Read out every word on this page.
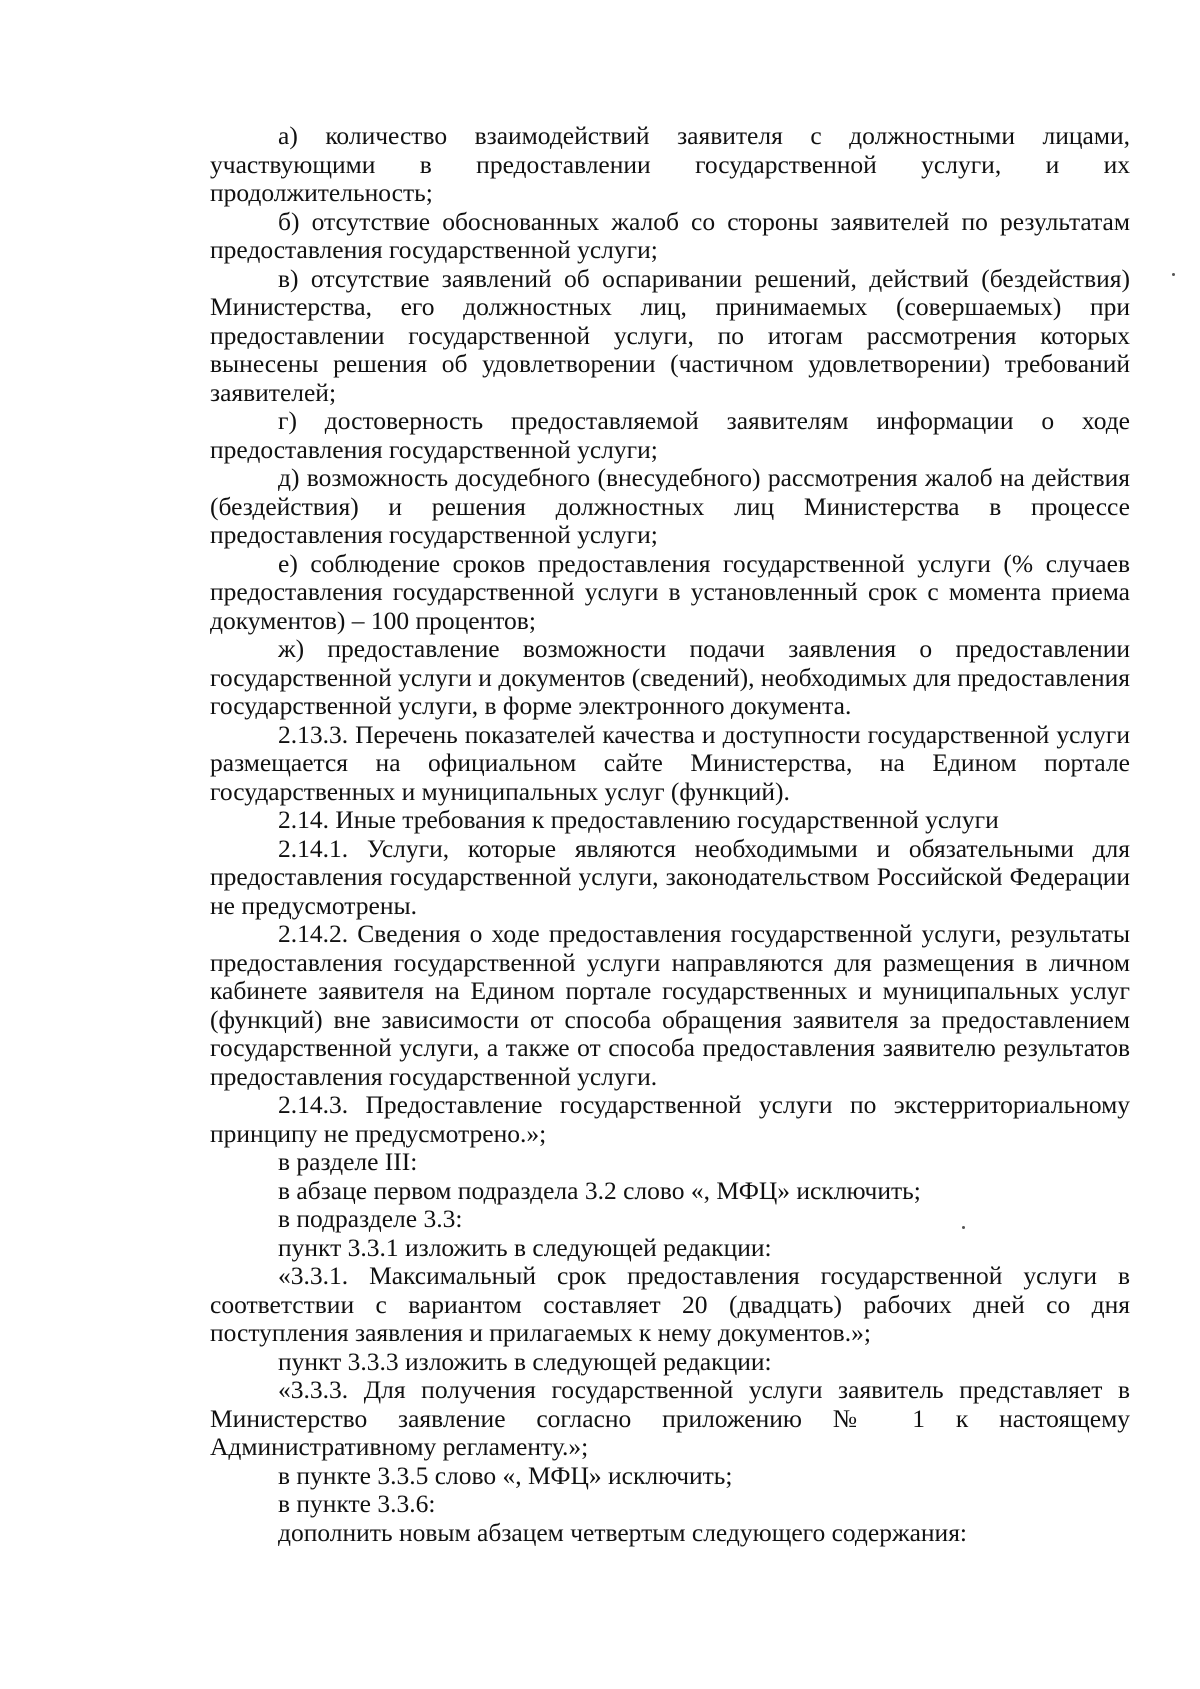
а) количество взаимодействий заявителя с должностными лицами, участвующими в предоставлении государственной услуги, и их продолжительность;

б) отсутствие обоснованных жалоб со стороны заявителей по результатам предоставления государственной услуги;

в) отсутствие заявлений об оспаривании решений, действий (бездействия) Министерства, его должностных лиц, принимаемых (совершаемых) при предоставлении государственной услуги, по итогам рассмотрения которых вынесены решения об удовлетворении (частичном удовлетворении) требований заявителей;

г) достоверность предоставляемой заявителям информации о ходе предоставления государственной услуги;

д) возможность досудебного (внесудебного) рассмотрения жалоб на действия (бездействия) и решения должностных лиц Министерства в процессе предоставления государственной услуги;

е) соблюдение сроков предоставления государственной услуги (% случаев предоставления государственной услуги в установленный срок с момента приема документов) – 100 процентов;

ж) предоставление возможности подачи заявления о предоставлении государственной услуги и документов (сведений), необходимых для предоставления государственной услуги, в форме электронного документа.

2.13.3. Перечень показателей качества и доступности государственной услуги размещается на официальном сайте Министерства, на Едином портале государственных и муниципальных услуг (функций).

2.14. Иные требования к предоставлению государственной услуги

2.14.1. Услуги, которые являются необходимыми и обязательными для предоставления государственной услуги, законодательством Российской Федерации не предусмотрены.

2.14.2. Сведения о ходе предоставления государственной услуги, результаты предоставления государственной услуги направляются для размещения в личном кабинете заявителя на Едином портале государственных и муниципальных услуг (функций) вне зависимости от способа обращения заявителя за предоставлением государственной услуги, а также от способа предоставления заявителю результатов предоставления государственной услуги.

2.14.3. Предоставление государственной услуги по экстерриториальному принципу не предусмотрено.»;

в разделе III:

в абзаце первом подраздела 3.2 слово «, МФЦ» исключить;

в подразделе 3.3:

пункт 3.3.1 изложить в следующей редакции:

«3.3.1. Максимальный срок предоставления государственной услуги в соответствии с вариантом составляет 20 (двадцать) рабочих дней со дня поступления заявления и прилагаемых к нему документов.»;

пункт 3.3.3 изложить в следующей редакции:

«3.3.3. Для получения государственной услуги заявитель представляет в Министерство заявление согласно приложению № 1 к настоящему Административному регламенту.»;

в пункте 3.3.5 слово «, МФЦ» исключить;

в пункте 3.3.6:

дополнить новым абзацем четвертым следующего содержания:
